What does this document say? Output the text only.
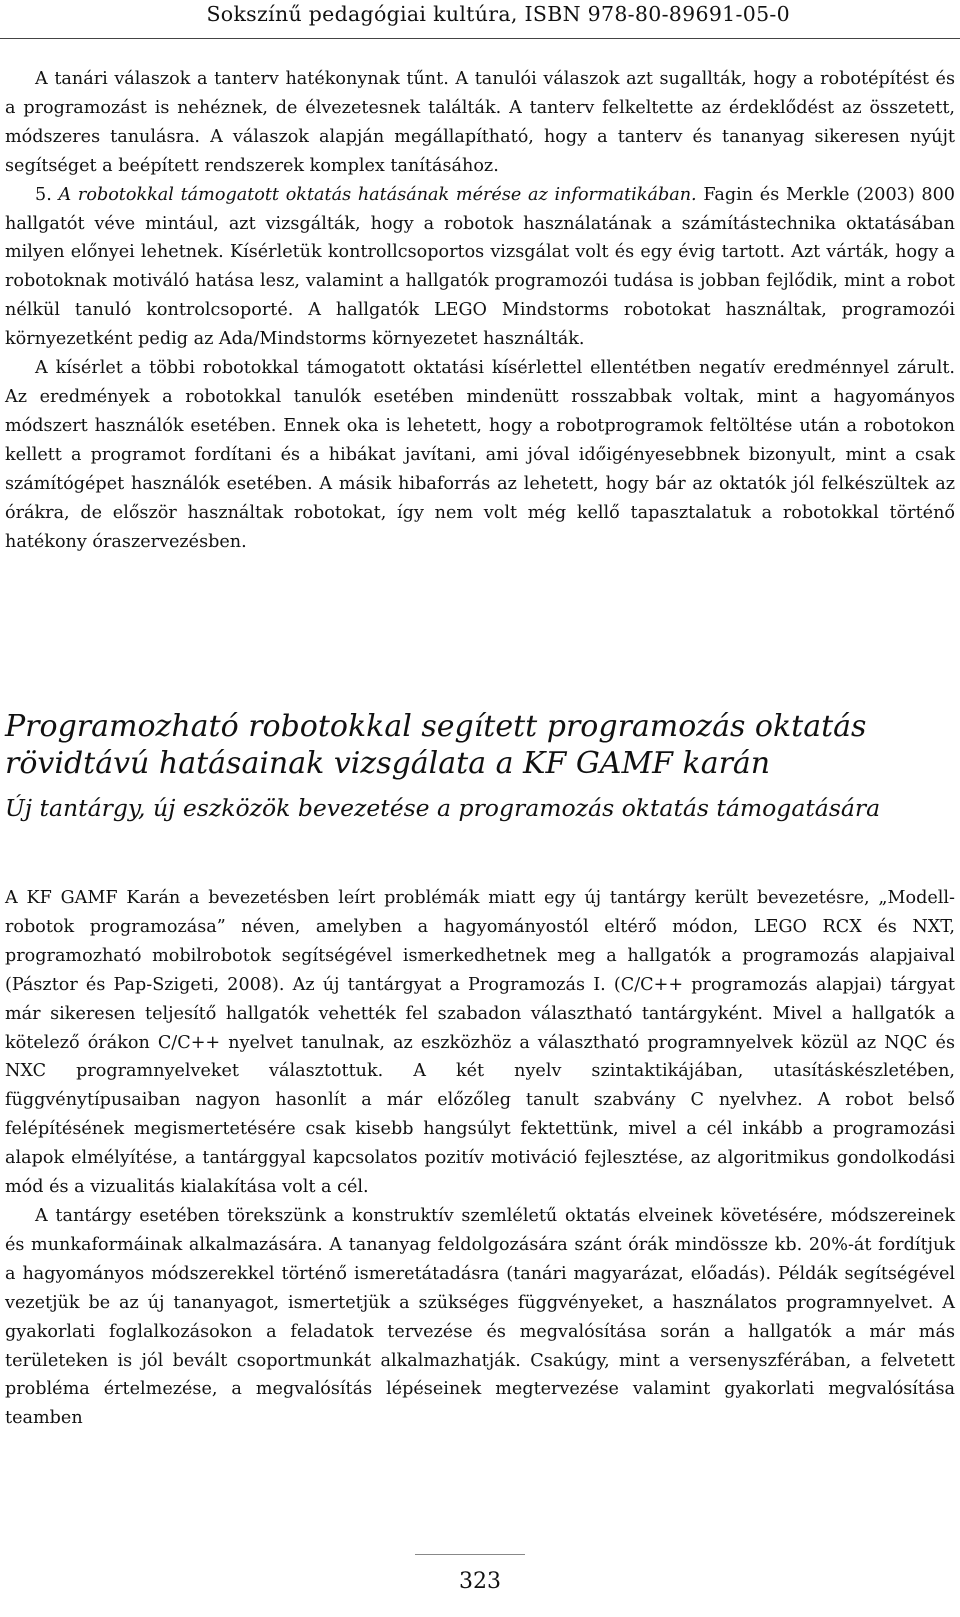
Sokszínű pedagógiai kultúra, ISBN 978-80-89691-05-0

A tanári válaszok a tanterv hatékonynak tűnt. A tanulói válaszok azt sugallták, hogy a robotépítést és a programozást is nehéznek, de élvezetesnek találták. A tanterv felkeltette az érdeklődést az összetett, módszeres tanulásra. A válaszok alapján megállapítható, hogy a tanterv és tananyag sikeresen nyújt segítséget a beépített rendszerek komplex tanításához.

5. A robotokkal támogatott oktatás hatásának mérése az informatikában. Fagin és Merkle (2003) 800 hallgatót véve mintául, azt vizsgálták, hogy a robotok használatának a számítástechnika oktatásában milyen előnyei lehetnek. Kísérletük kontrollcsoportos vizsgálat volt és egy évig tartott. Azt várták, hogy a robotoknak motiváló hatása lesz, valamint a hallgatók programozói tudása is jobban fejlődik, mint a robot nélkül tanuló kontrolcsoporté. A hallgatók LEGO Mindstorms robotokat használtak, programozói környezetként pedig az Ada/Mindstorms környezetet használták.

A kísérlet a többi robotokkal támogatott oktatási kísérlettel ellentétben negatív eredménnyel zárult. Az eredmények a robotokkal tanulók esetében mindenütt rosszabbak voltak, mint a hagyományos módszert használók esetében. Ennek oka is lehetett, hogy a robotprogramok feltöltése után a robotokon kellett a programot fordítani és a hibákat javítani, ami jóval időigényesebbnek bizonyult, mint a csak számítógépet használók esetében. A másik hibaforrás az lehetett, hogy bár az oktatók jól felkészültek az órákra, de először használtak robotokat, így nem volt még kellő tapasztalatuk a robotokkal történő hatékony óraszervezésben.

Programozható robotokkal segített programozás oktatás rövidtávú hatásainak vizsgálata a KF GAMF karán
Új tantárgy, új eszközök bevezetése a programozás oktatás támogatására

A KF GAMF Karán a bevezetésben leírt problémák miatt egy új tantárgy került bevezetésre, „Modell-robotok programozása” néven, amelyben a hagyományostól eltérő módon, LEGO RCX és NXT, programozható mobilrobotok segítségével ismerkedhetnek meg a hallgatók a programozás alapjaival (Pásztor és Pap-Szigeti, 2008). Az új tantárgyat a Programozás I. (C/C++ programozás alapjai) tárgyat már sikeresen teljesítő hallgatók vehették fel szabadon választható tantárgyként. Mivel a hallgatók a kötelező órákon C/C++ nyelvet tanulnak, az eszközhöz a választható programnyelvek közül az NQC és NXC programnyelveket választottuk. A két nyelv szintaktikájában, utasításkészletében, függvénytípusaiban nagyon hasonlít a már előzőleg tanult szabvány C nyelvhez. A robot belső felépítésének megismertetésére csak kisebb hangsúlyt fektettünk, mivel a cél inkább a programozási alapok elmélyítése, a tantárggyal kapcsolatos pozitív motiváció fejlesztése, az algoritmikus gondolkodási mód és a vizualitás kialakítása volt a cél.

A tantárgy esetében törekszünk a konstruktív szemléletű oktatás elveinek követésére, módszereinek és munkaformáinak alkalmazására. A tananyag feldolgozására szánt órák mindössze kb. 20%-át fordítjuk a hagyományos módszerekkel történő ismeretátadásra (tanári magyarázat, előadás). Példák segítségével vezetjük be az új tananyagot, ismertetjük a szükséges függvényeket, a használatos programnyelvet. A gyakorlati foglalkozásokon a feladatok tervezése és megvalósítása során a hallgatók a már más területeken is jól bevált csoportmunkát alkalmazhatják. Csakúgy, mint a versenyszférában, a felvetett probléma értelmezése, a megvalósítás lépéseinek megtervezése valamint gyakorlati megvalósítása teamben

323
